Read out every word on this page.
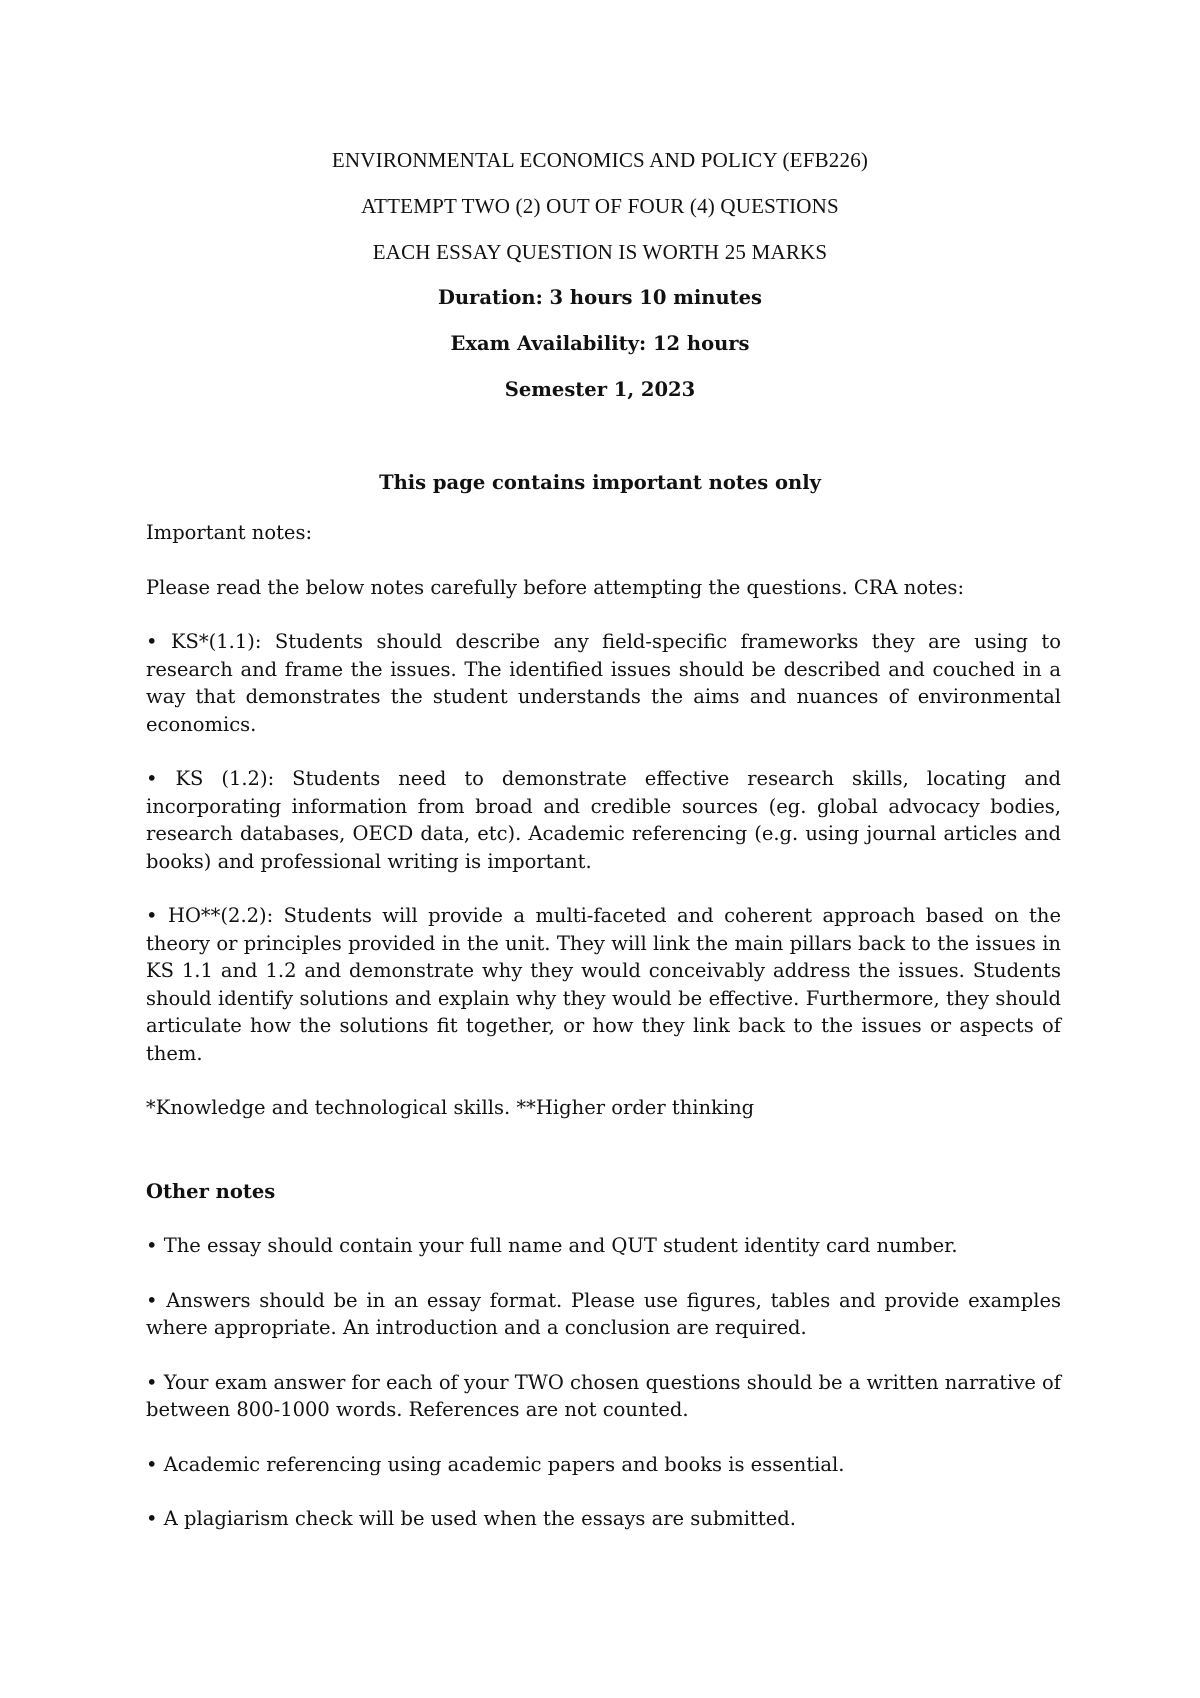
ENVIRONMENTAL ECONOMICS AND POLICY (EFB226)
ATTEMPT TWO (2) OUT OF FOUR (4) QUESTIONS
EACH ESSAY QUESTION IS WORTH 25 MARKS
Duration: 3 hours 10 minutes
Exam Availability: 12 hours
Semester 1, 2023
This page contains important notes only

Important notes:

Please read the below notes carefully before attempting the questions. CRA notes:

• KS*(1.1): Students should describe any field-specific frameworks they are using to research and frame the issues. The identified issues should be described and couched in a way that demonstrates the student understands the aims and nuances of environmental economics.

• KS (1.2): Students need to demonstrate effective research skills, locating and incorporating information from broad and credible sources (eg. global advocacy bodies, research databases, OECD data, etc). Academic referencing (e.g. using journal articles and books) and professional writing is important.

• HO**(2.2): Students will provide a multi-faceted and coherent approach based on the theory or principles provided in the unit. They will link the main pillars back to the issues in KS 1.1 and 1.2 and demonstrate why they would conceivably address the issues. Students should identify solutions and explain why they would be effective. Furthermore, they should articulate how the solutions fit together, or how they link back to the issues or aspects of them.

*Knowledge and technological skills. **Higher order thinking

Other notes

• The essay should contain your full name and QUT student identity card number.

• Answers should be in an essay format. Please use figures, tables and provide examples where appropriate. An introduction and a conclusion are required.

• Your exam answer for each of your TWO chosen questions should be a written narrative of between 800-1000 words. References are not counted.

• Academic referencing using academic papers and books is essential.

• A plagiarism check will be used when the essays are submitted.
